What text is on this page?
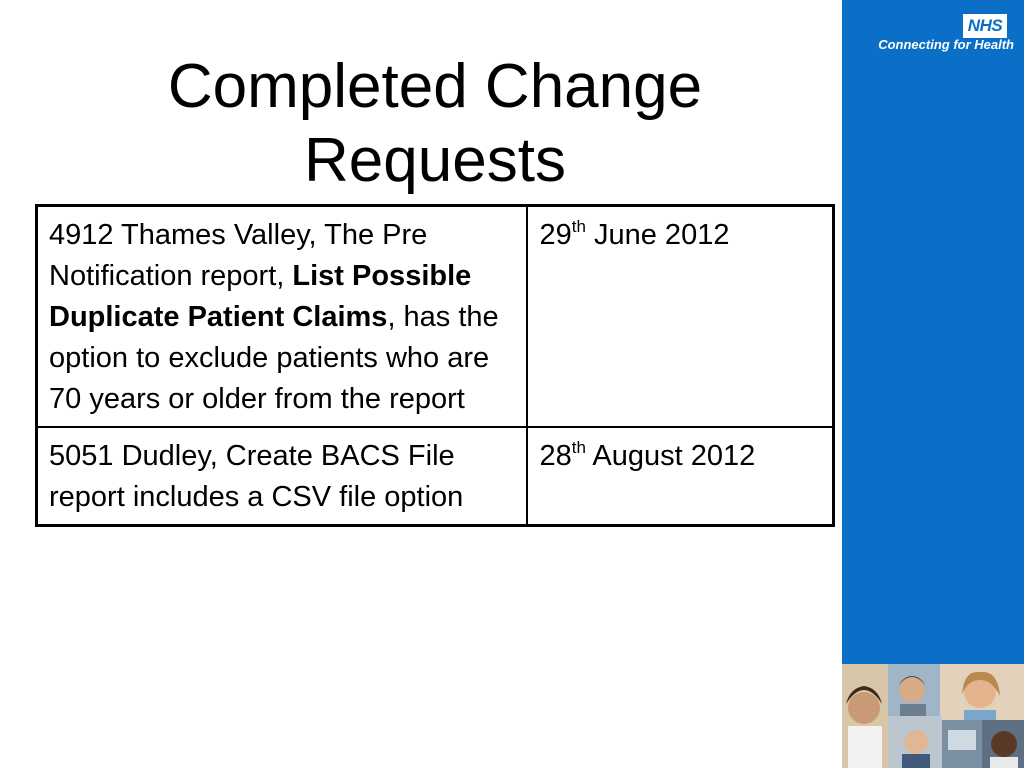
Completed Change
Requests
4912 Thames Valley, The Pre Notification report, List Possible Duplicate Patient Claims, has the option to exclude patients who are 70 years or older from the report	29th June 2012
5051 Dudley, Create BACS File report includes a CSV file option	28th August 2012
NHS
Connecting for Health
